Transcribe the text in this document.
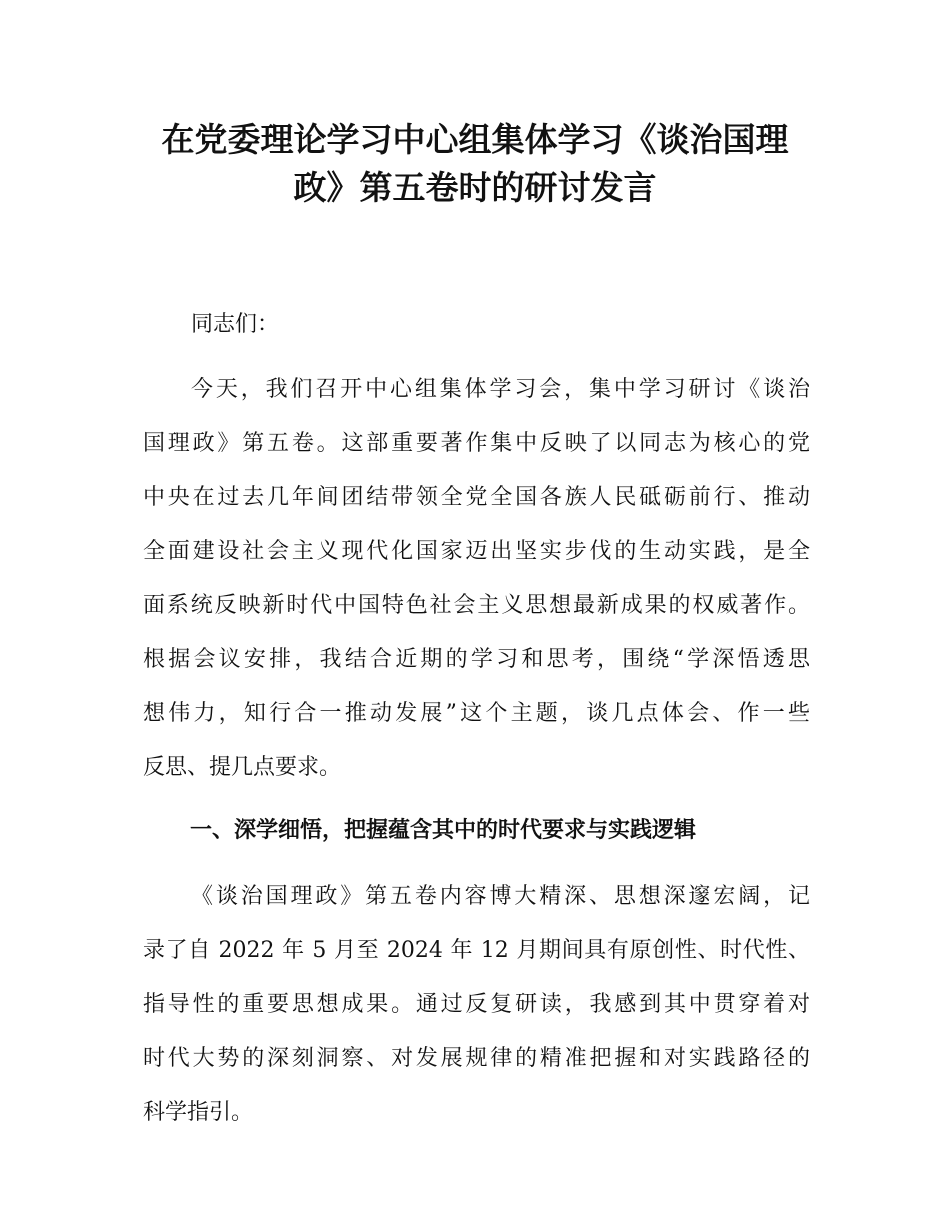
在党委理论学习中心组集体学习《谈治国理
政》第五卷时的研讨发言
同志们：
今天，我们召开中心组集体学习会，集中学习研讨《谈治
国理政》第五卷。这部重要著作集中反映了以同志为核心的党
中央在过去几年间团结带领全党全国各族人民砥砺前行、推动
全面建设社会主义现代化国家迈出坚实步伐的生动实践，是全
面系统反映新时代中国特色社会主义思想最新成果的权威著作。
根据会议安排，我结合近期的学习和思考，围绕“学深悟透思
想伟力，知行合一推动发展”这个主题，谈几点体会、作一些
反思、提几点要求。
一、深学细悟，把握蕴含其中的时代要求与实践逻辑
《谈治国理政》第五卷内容博大精深、思想深邃宏阔，记
录了自 2022 年 5 月至 2024 年 12 月期间具有原创性、时代性、
指导性的重要思想成果。通过反复研读，我感到其中贯穿着对
时代大势的深刻洞察、对发展规律的精准把握和对实践路径的
科学指引。
